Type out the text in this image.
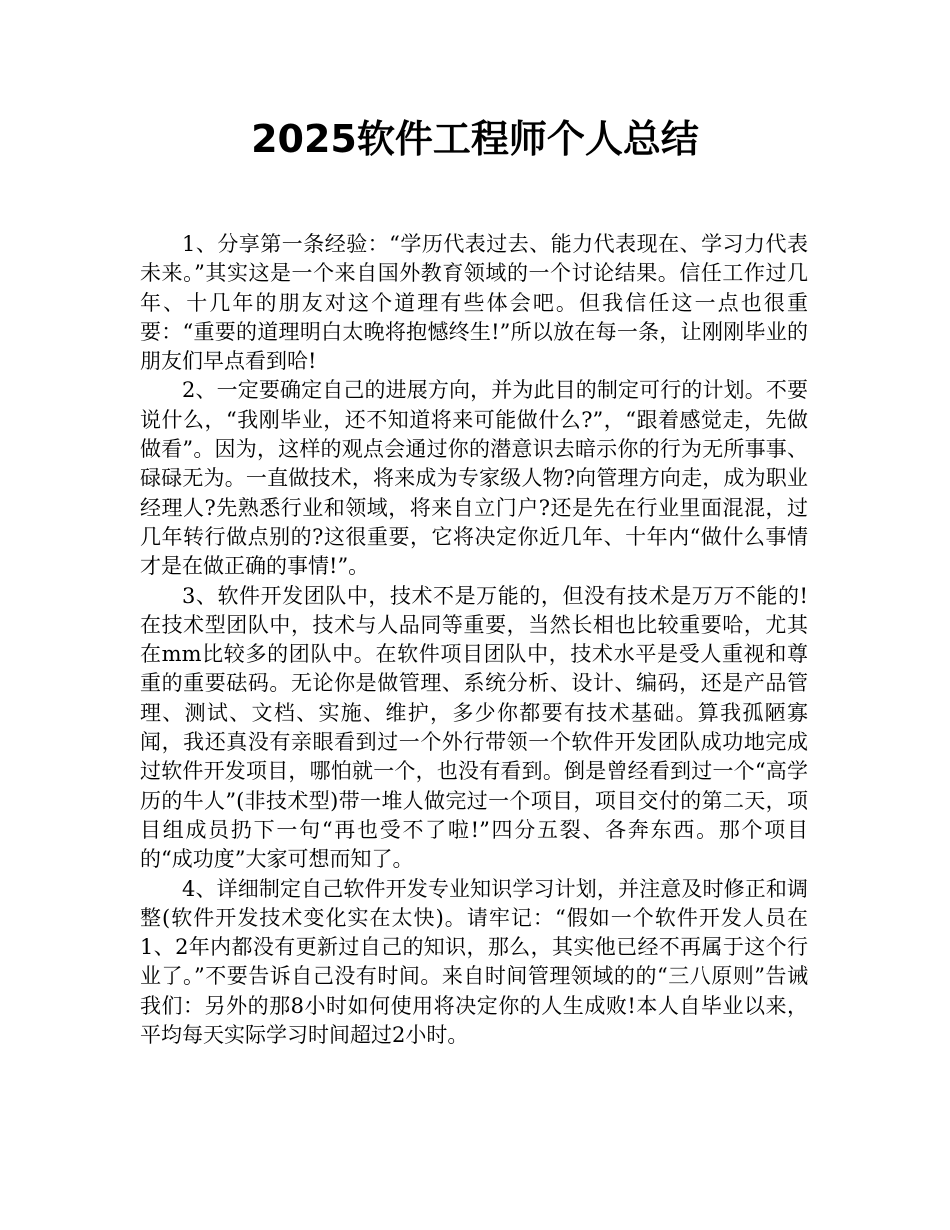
2025软件工程师个人总结

1、分享第一条经验：“学历代表过去、能力代表现在、学习力代表未来。”其实这是一个来自国外教育领域的一个讨论结果。信任工作过几年、十几年的朋友对这个道理有些体会吧。但我信任这一点也很重要：“重要的道理明白太晚将抱憾终生!”所以放在每一条，让刚刚毕业的朋友们早点看到哈!

2、一定要确定自己的进展方向，并为此目的制定可行的计划。不要说什么，“我刚毕业，还不知道将来可能做什么?”，“跟着感觉走，先做做看”。因为，这样的观点会通过你的潜意识去暗示你的行为无所事事、碌碌无为。一直做技术，将来成为专家级人物?向管理方向走，成为职业经理人?先熟悉行业和领域，将来自立门户?还是先在行业里面混混，过几年转行做点别的?这很重要，它将决定你近几年、十年内“做什么事情才是在做正确的事情!”。

3、软件开发团队中，技术不是万能的，但没有技术是万万不能的!在技术型团队中，技术与人品同等重要，当然长相也比较重要哈，尤其在mm比较多的团队中。在软件项目团队中，技术水平是受人重视和尊重的重要砝码。无论你是做管理、系统分析、设计、编码，还是产品管理、测试、文档、实施、维护，多少你都要有技术基础。算我孤陋寡闻，我还真没有亲眼看到过一个外行带领一个软件开发团队成功地完成过软件开发项目，哪怕就一个，也没有看到。倒是曾经看到过一个“高学历的牛人”(非技术型)带一堆人做完过一个项目，项目交付的第二天，项目组成员扔下一句“再也受不了啦!”四分五裂、各奔东西。那个项目的“成功度”大家可想而知了。

4、详细制定自己软件开发专业知识学习计划，并注意及时修正和调整(软件开发技术变化实在太快)。请牢记：“假如一个软件开发人员在1、2年内都没有更新过自己的知识，那么，其实他已经不再属于这个行业了。”不要告诉自己没有时间。来自时间管理领域的的“三八原则”告诫我们：另外的那8小时如何使用将决定你的人生成败!本人自毕业以来，平均每天实际学习时间超过2小时。
